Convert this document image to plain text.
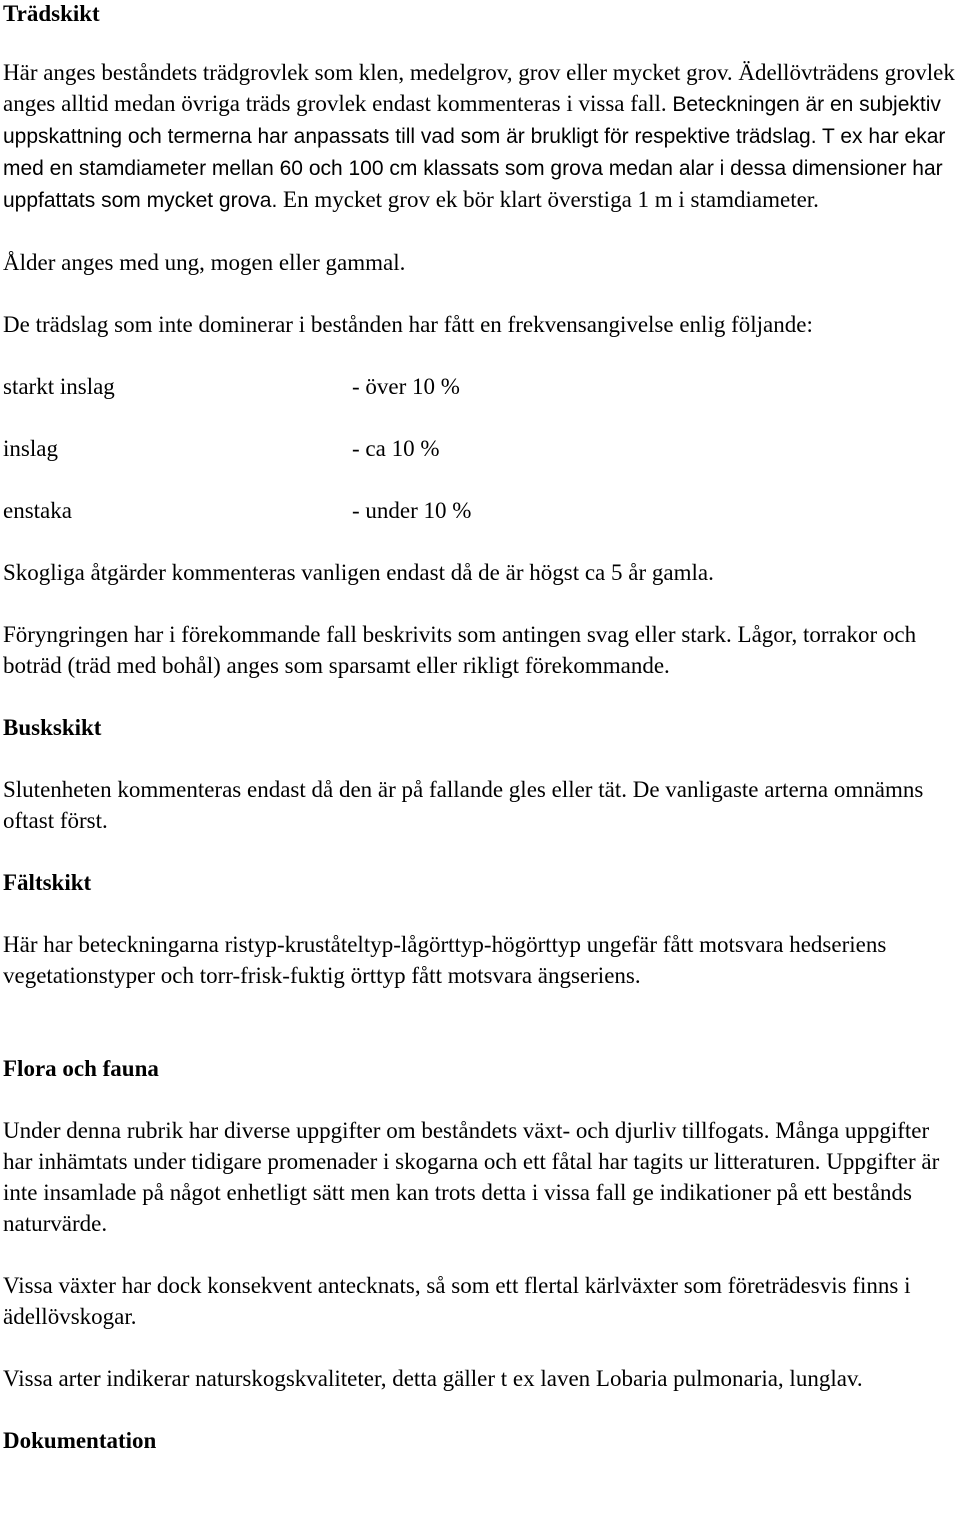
Trädskikt

Här anges beståndets trädgrovlek som klen, medelgrov, grov eller mycket grov. Ädellövträdens grovlek anges alltid medan övriga träds grovlek endast kommenteras i vissa fall. Beteckningen är en subjektiv uppskattning och termerna har anpassats till vad som är brukligt för respektive trädslag. T ex har ekar med en stamdiameter mellan 60 och 100 cm klassats som grova medan alar i dessa dimensioner har uppfattats som mycket grova. En mycket grov ek bör klart överstiga 1 m i stamdiameter.

Ålder anges med ung, mogen eller gammal.

De trädslag som inte dominerar i bestånden har fått en frekvensangivelse enlig följande:

starkt inslag	- över 10 %
inslag	- ca 10 %
enstaka	- under 10 %

Skogliga åtgärder kommenteras vanligen endast då de är högst ca 5 år gamla.

Föryngringen har i förekommande fall beskrivits som antingen svag eller stark. Lågor, torrakor och boträd (träd med bohål) anges som sparsamt eller rikligt förekommande.

Buskskikt

Slutenheten kommenteras endast då den är på fallande gles eller tät. De vanligaste arterna omnämns oftast först.

Fältskikt

Här har beteckningarna ristyp-kruståteltyp-lågörttyp-högörttyp ungefär fått motsvara hedseriens vegetationstyper och torr-frisk-fuktig örttyp fått motsvara ängseriens.

Flora och fauna

Under denna rubrik har diverse uppgifter om beståndets växt- och djurliv tillfogats. Många uppgifter har inhämtats under tidigare promenader i skogarna och ett fåtal har tagits ur litteraturen. Uppgifter är inte insamlade på något enhetligt sätt men kan trots detta i vissa fall ge indikationer på ett bestånds naturvärde.

Vissa växter har dock konsekvent antecknats, så som ett flertal kärlväxter som företrädesvis finns i ädellövskogar.

Vissa arter indikerar naturskogskvaliteter, detta gäller t ex laven Lobaria pulmonaria, lunglav.

Dokumentation
